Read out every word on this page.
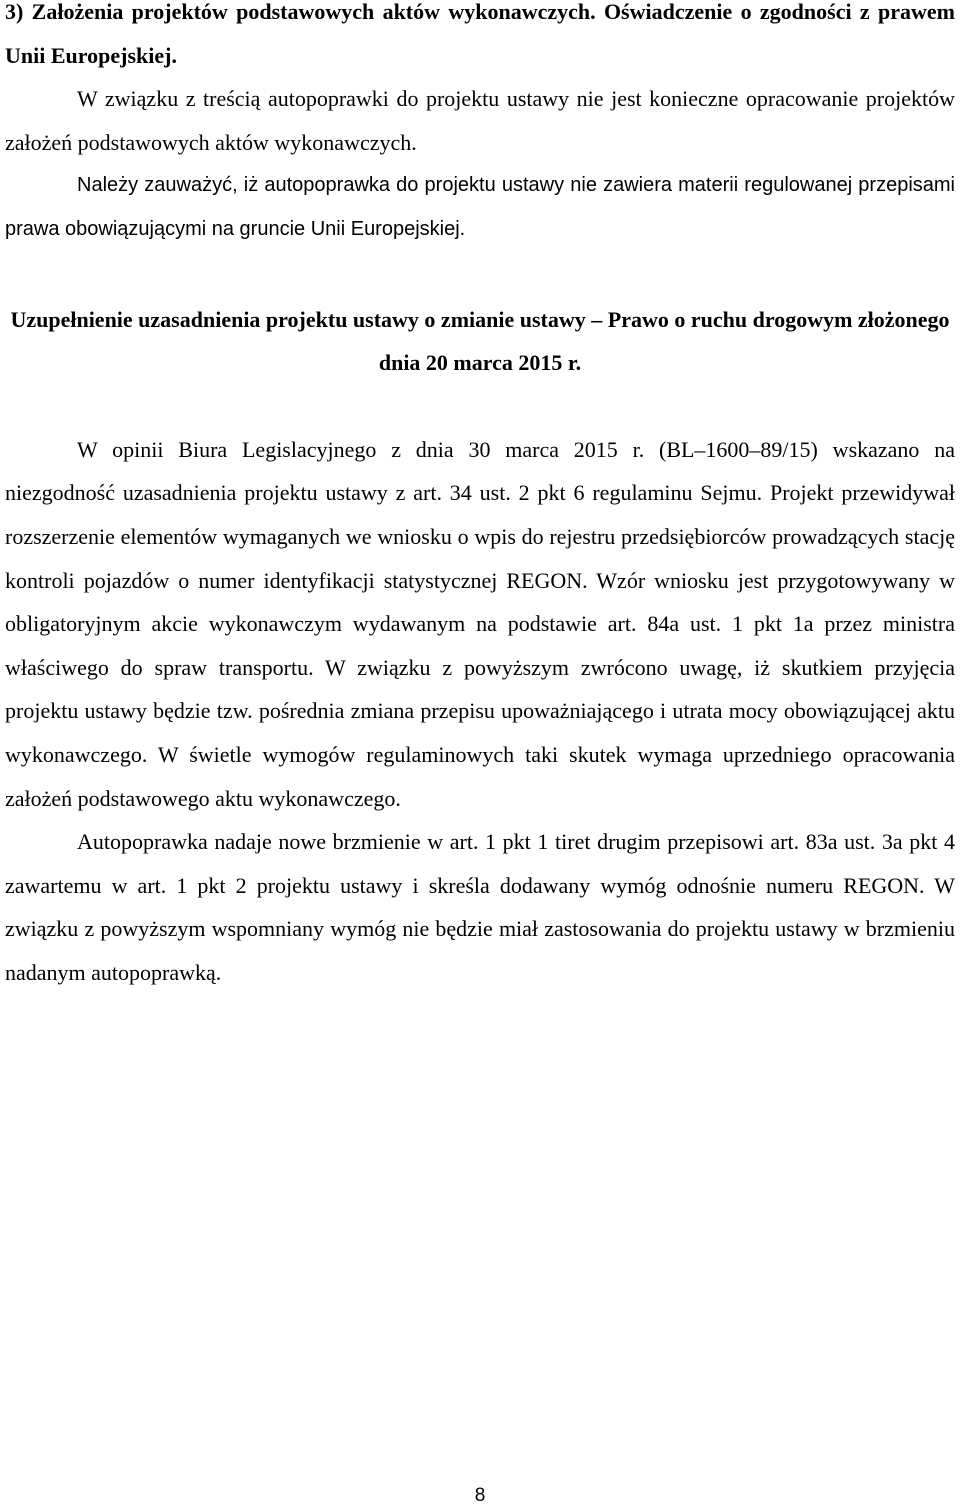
3) Założenia projektów podstawowych aktów wykonawczych. Oświadczenie o zgodności z prawem Unii Europejskiej.

W związku z treścią autopoprawki do projektu ustawy nie jest konieczne opracowanie projektów założeń podstawowych aktów wykonawczych.

Należy zauważyć, iż autopoprawka do projektu ustawy nie zawiera materii regulowanej przepisami prawa obowiązującymi na gruncie Unii Europejskiej.

Uzupełnienie uzasadnienia projektu ustawy o zmianie ustawy – Prawo o ruchu drogowym złożonego dnia 20 marca 2015 r.

W opinii Biura Legislacyjnego z dnia 30 marca 2015 r. (BL–1600–89/15) wskazano na niezgodność uzasadnienia projektu ustawy z art. 34 ust. 2 pkt 6 regulaminu Sejmu. Projekt przewidywał rozszerzenie elementów wymaganych we wniosku o wpis do rejestru przedsiębiorców prowadzących stację kontroli pojazdów o numer identyfikacji statystycznej REGON. Wzór wniosku jest przygotowywany w obligatoryjnym akcie wykonawczym wydawanym na podstawie art. 84a ust. 1 pkt 1a przez ministra właściwego do spraw transportu. W związku z powyższym zwrócono uwagę, iż skutkiem przyjęcia projektu ustawy będzie tzw. pośrednia zmiana przepisu upoważniającego i utrata mocy obowiązującej aktu wykonawczego. W świetle wymogów regulaminowych taki skutek wymaga uprzedniego opracowania założeń podstawowego aktu wykonawczego.

Autopoprawka nadaje nowe brzmienie w art. 1 pkt 1 tiret drugim przepisowi art. 83a ust. 3a pkt 4 zawartemu w art. 1 pkt 2 projektu ustawy i skreśla dodawany wymóg odnośnie numeru REGON. W związku z powyższym wspomniany wymóg nie będzie miał zastosowania do projektu ustawy w brzmieniu nadanym autopoprawką.

8
